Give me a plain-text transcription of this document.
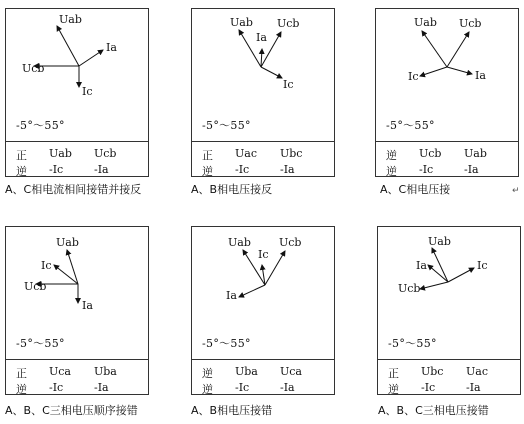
Uab
Ia
Ucb
Ic
-5°～55°
正 Uab Ucb
逆 -Ic	-Ia
A、C相电流相间接错并接反
Uab
Ia
Ucb
Ic
-5°～55°
正 Uac Ubc
逆 -Ic	-Ia
A、B相电压接反
Uab Ucb
Ic	Ia
-5°～55°
逆 Ucb Uab
逆 -Ic	-Ia
A、C相电压接	↵
Uab
Ic
Ucb
Ia
-5°～55°
正 Uca Uba
逆 -Ic	-Ia
A、B、C三相电压顺序接错
Uab
Ic
Ucb
Ia
-5°～55°
逆 Uba Uca
逆 -Ic	-Ia
A、B相电压接错
Uab
Ia	Ic
Ucb
-5°～55°
正 Ubc Uac
逆 -Ic	-Ia
A、B、C三相电压接错
